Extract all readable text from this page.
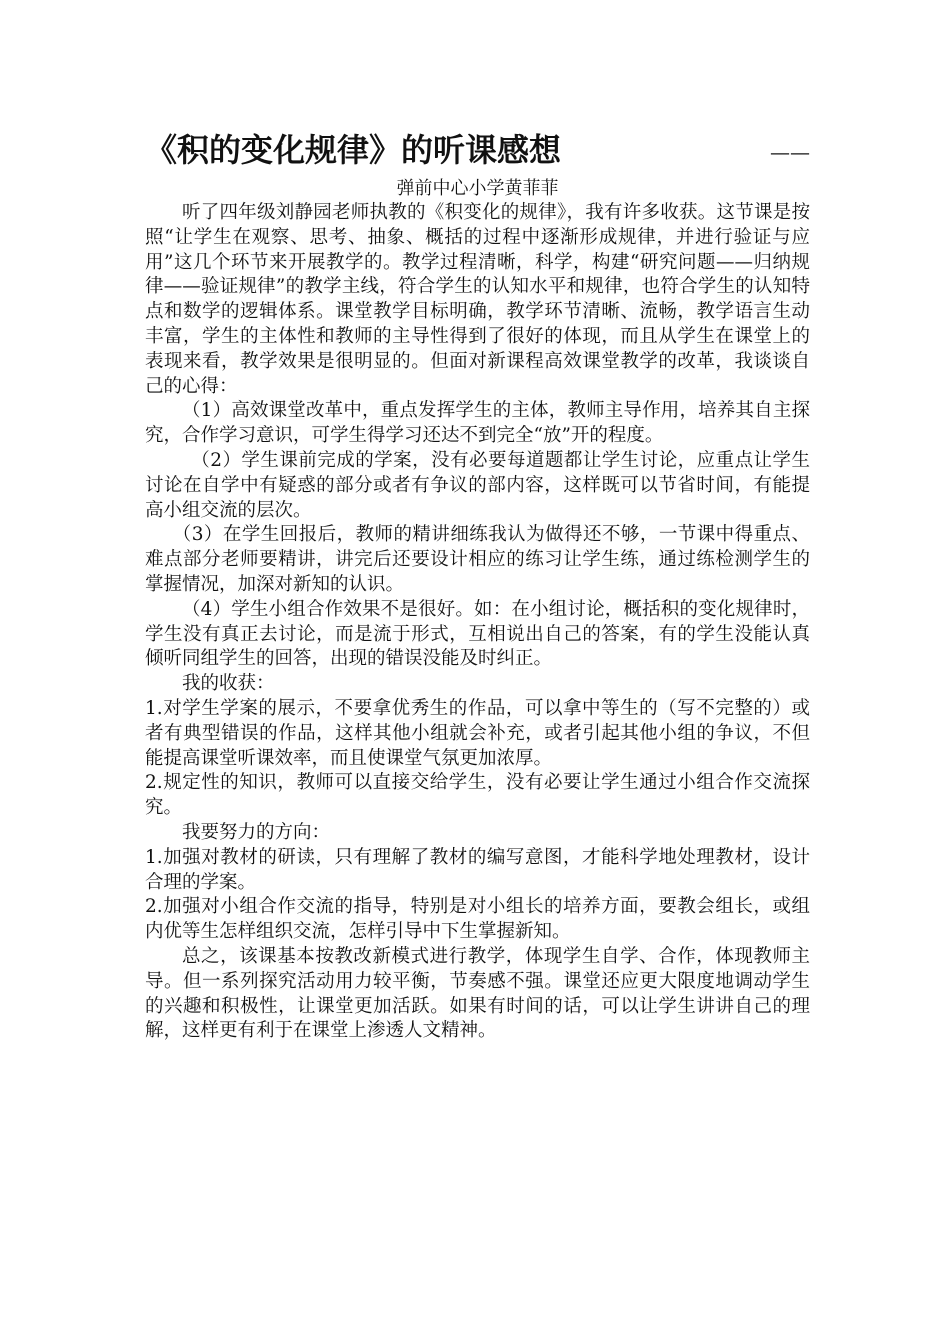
《积的变化规律》的听课感想	——
弹前中心小学黄菲菲

听了四年级刘静园老师执教的《积变化的规律》，我有许多收获。这节课是按照“让学生在观察、思考、抽象、概括的过程中逐渐形成规律，并进行验证与应用”这几个环节来开展教学的。教学过程清晰，科学，构建“研究问题——归纳规律——验证规律”的教学主线，符合学生的认知水平和规律，也符合学生的认知特点和数学的逻辑体系。课堂教学目标明确，教学环节清晰、流畅，教学语言生动丰富，学生的主体性和教师的主导性得到了很好的体现，而且从学生在课堂上的表现来看，教学效果是很明显的。但面对新课程高效课堂教学的改革，我谈谈自己的心得：

（1）高效课堂改革中，重点发挥学生的主体，教师主导作用，培养其自主探究，合作学习意识，可学生得学习还达不到完全“放”开的程度。

（2）学生课前完成的学案，没有必要每道题都让学生讨论，应重点让学生讨论在自学中有疑惑的部分或者有争议的部内容，这样既可以节省时间，有能提高小组交流的层次。

（3）在学生回报后，教师的精讲细练我认为做得还不够，一节课中得重点、难点部分老师要精讲，讲完后还要设计相应的练习让学生练，通过练检测学生的掌握情况，加深对新知的认识。

（4）学生小组合作效果不是很好。如：在小组讨论，概括积的变化规律时，学生没有真正去讨论，而是流于形式，互相说出自己的答案，有的学生没能认真倾听同组学生的回答，出现的错误没能及时纠正。

我的收获：

1.对学生学案的展示，不要拿优秀生的作品，可以拿中等生的（写不完整的）或者有典型错误的作品，这样其他小组就会补充，或者引起其他小组的争议，不但能提高课堂听课效率，而且使课堂气氛更加浓厚。

2.规定性的知识，教师可以直接交给学生，没有必要让学生通过小组合作交流探究。

我要努力的方向：

1.加强对教材的研读，只有理解了教材的编写意图，才能科学地处理教材，设计合理的学案。

2.加强对小组合作交流的指导，特别是对小组长的培养方面，要教会组长，或组内优等生怎样组织交流，怎样引导中下生掌握新知。

总之，该课基本按教改新模式进行教学，体现学生自学、合作，体现教师主导。但一系列探究活动用力较平衡，节奏感不强。课堂还应更大限度地调动学生的兴趣和积极性，让课堂更加活跃。如果有时间的话，可以让学生讲讲自己的理解，这样更有利于在课堂上渗透人文精神。
